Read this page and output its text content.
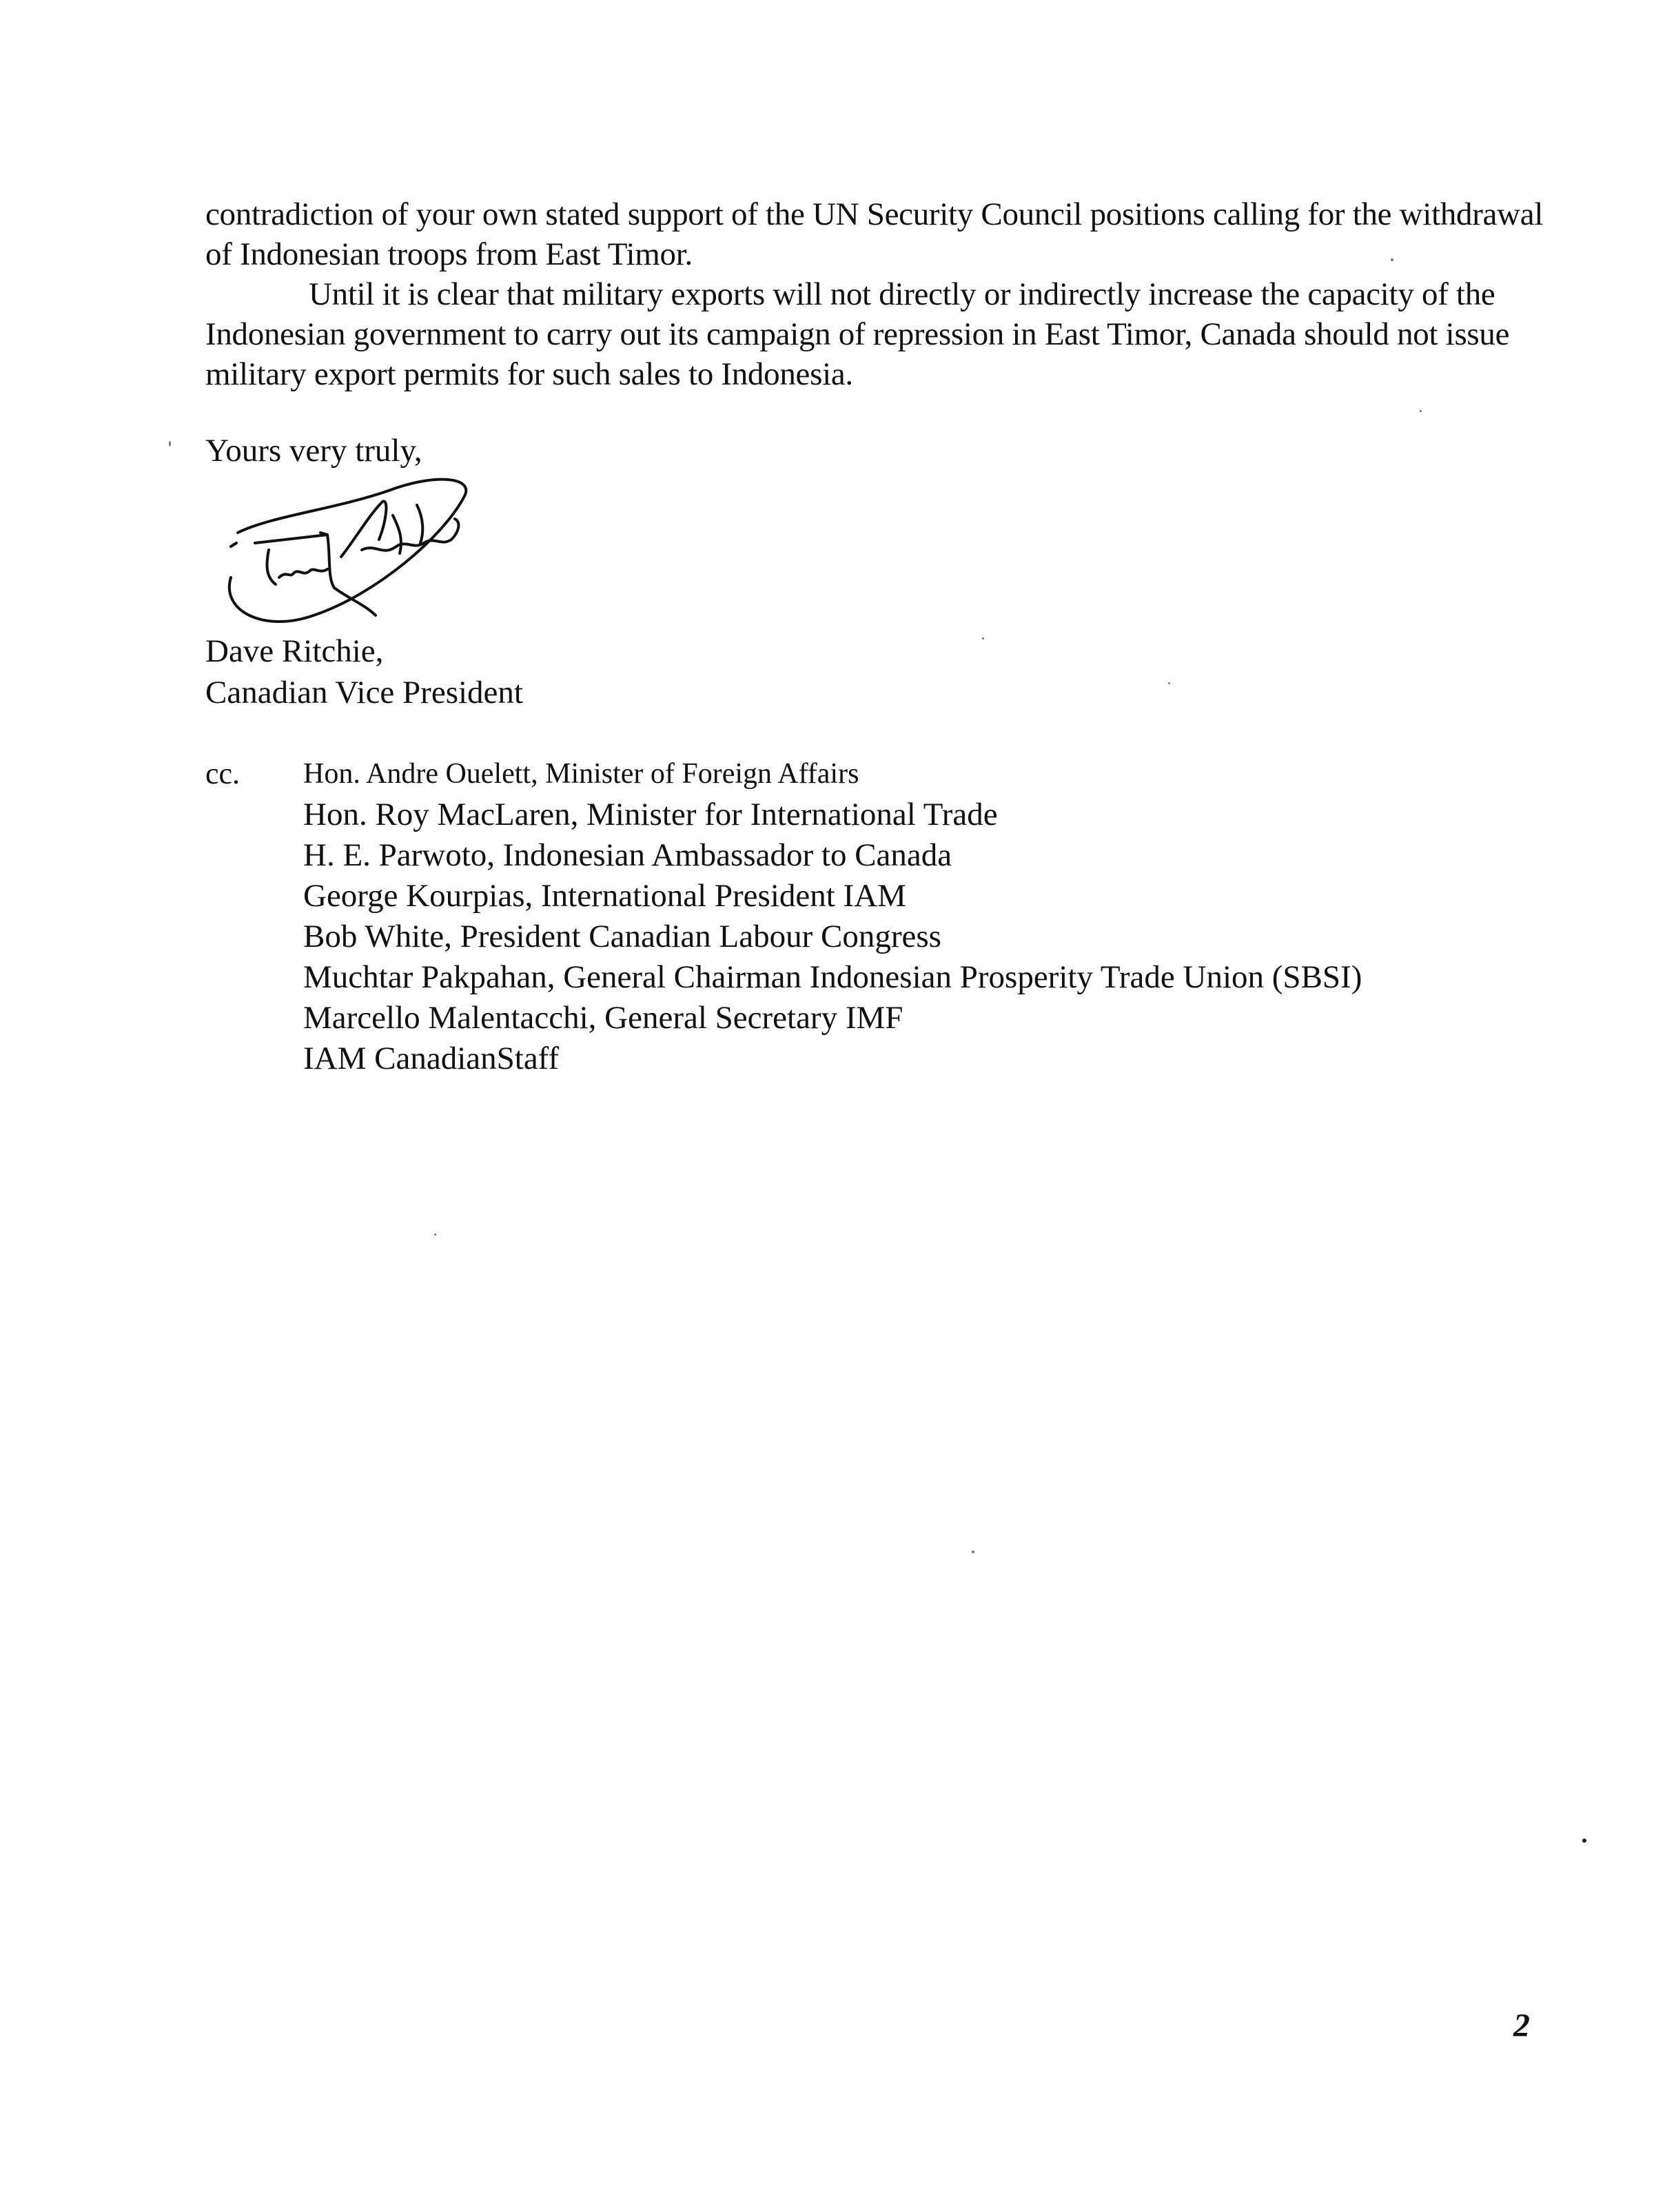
contradiction of your own stated support of the UN Security Council positions calling for the withdrawal of Indonesian troops from East Timor.

Until it is clear that military exports will not directly or indirectly increase the capacity of the Indonesian government to carry out its campaign of repression in East Timor, Canada should not issue military export permits for such sales to Indonesia.

Yours very truly,
Dave Ritchie,
Canadian Vice President
cc. Hon. Andre Ouelett, Minister of Foreign Affairs
Hon. Roy MacLaren, Minister for International Trade
H. E. Parwoto, Indonesian Ambassador to Canada
George Kourpias, International President IAM
Bob White, President Canadian Labour Congress
Muchtar Pakpahan, General Chairman Indonesian Prosperity Trade Union (SBSI)
Marcello Malentacchi, General Secretary IMF
IAM CanadianStaff
2
